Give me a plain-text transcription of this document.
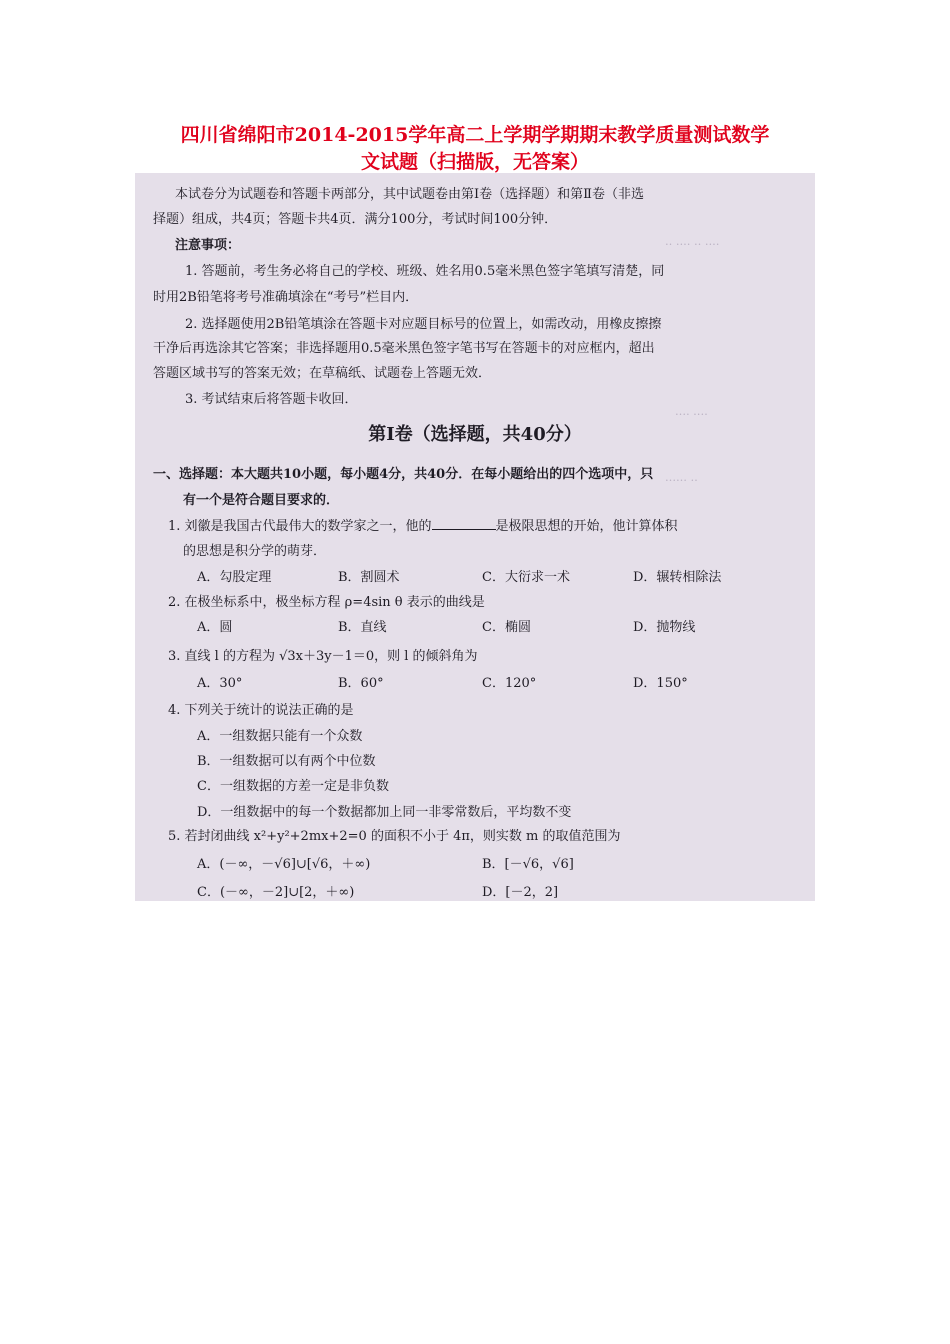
四川省绵阳市2014-2015学年高二上学期学期期末教学质量测试数学
文试题（扫描版，无答案）
‥ ‥‥ ‥ ‥‥
‥‥ ‥‥
‥‥‥ ‥
本试卷分为试题卷和答题卡两部分，其中试题卷由第Ⅰ卷（选择题）和第Ⅱ卷（非选
择题）组成，共4页；答题卡共4页．满分100分，考试时间100分钟．
注意事项：
1. 答题前，考生务必将自己的学校、班级、姓名用0.5毫米黑色签字笔填写清楚，同
时用2B铅笔将考号准确填涂在“考号”栏目内．
2. 选择题使用2B铅笔填涂在答题卡对应题目标号的位置上，如需改动，用橡皮擦擦
干净后再选涂其它答案；非选择题用0.5毫米黑色签字笔书写在答题卡的对应框内，超出
答题区域书写的答案无效；在草稿纸、试题卷上答题无效．
3. 考试结束后将答题卡收回．
第Ⅰ卷（选择题，共40分）
一、选择题：本大题共10小题，每小题4分，共40分．在每小题给出的四个选项中，只
有一个是符合题目要求的．
1. 刘徽是我国古代最伟大的数学家之一，他的	是极限思想的开始，他计算体积
的思想是积分学的萌芽．
A．勾股定理	B．割圆术	C．大衍求一术	D．辗转相除法
2. 在极坐标系中，极坐标方程 ρ=4sin θ 表示的曲线是
A．圆	B．直线	C．椭圆	D．抛物线
3. 直线 l 的方程为 √3x＋3y－1＝0，则 l 的倾斜角为
A．30°	B．60°	C．120°	D．150°
4. 下列关于统计的说法正确的是
A．一组数据只能有一个众数
B．一组数据可以有两个中位数
C．一组数据的方差一定是非负数
D．一组数据中的每一个数据都加上同一非零常数后，平均数不变
5. 若封闭曲线 x²+y²+2mx+2=0 的面积不小于 4π，则实数 m 的取值范围为
A．(－∞，－√6]∪[√6，＋∞)	B．[－√6，√6]
C．(－∞，－2]∪[2，＋∞)	D．[－2，2]
